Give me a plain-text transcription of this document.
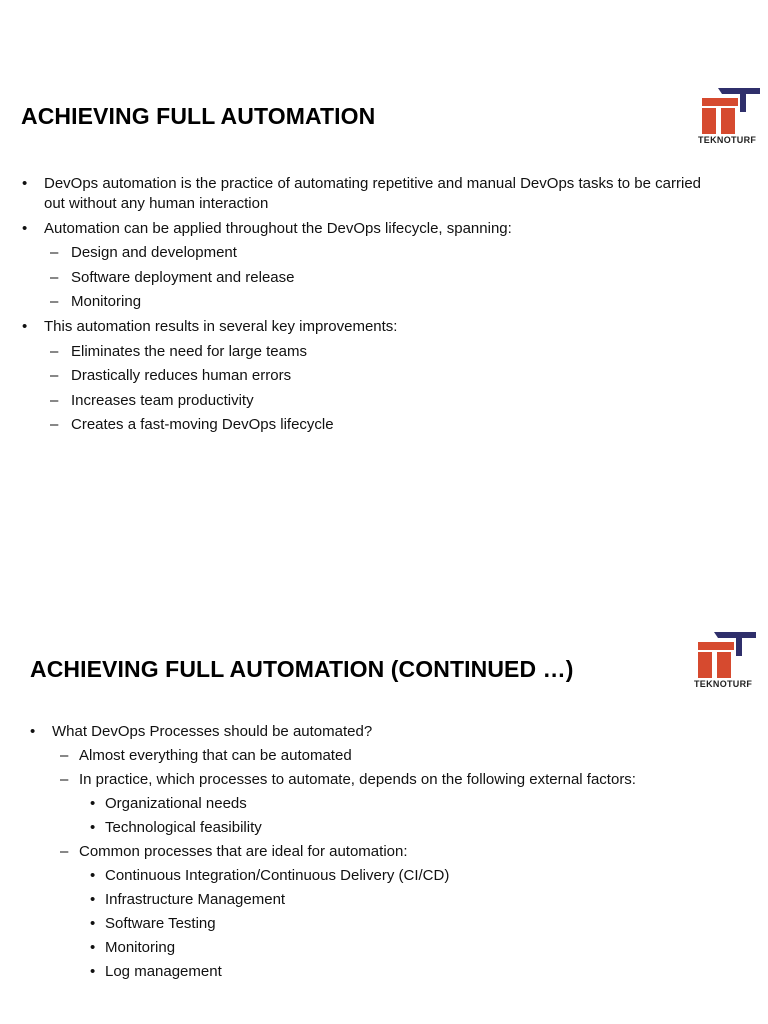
ACHIEVING FULL AUTOMATION
TEKNOTURF
• DevOps automation is the practice of automating repetitive and manual DevOps tasks to be carried out without any human interaction
• Automation can be applied throughout the DevOps lifecycle, spanning:
– Design and development
– Software deployment and release
– Monitoring
• This automation results in several key improvements:
– Eliminates the need for large teams
– Drastically reduces human errors
– Increases team productivity
– Creates a fast-moving DevOps lifecycle
ACHIEVING FULL AUTOMATION (CONTINUED …)
TEKNOTURF
• What DevOps Processes should be automated?
– Almost everything that can be automated
– In practice, which processes to automate, depends on the following external factors:
• Organizational needs
• Technological feasibility
– Common processes that are ideal for automation:
• Continuous Integration/Continuous Delivery (CI/CD)
• Infrastructure Management
• Software Testing
• Monitoring
• Log management
